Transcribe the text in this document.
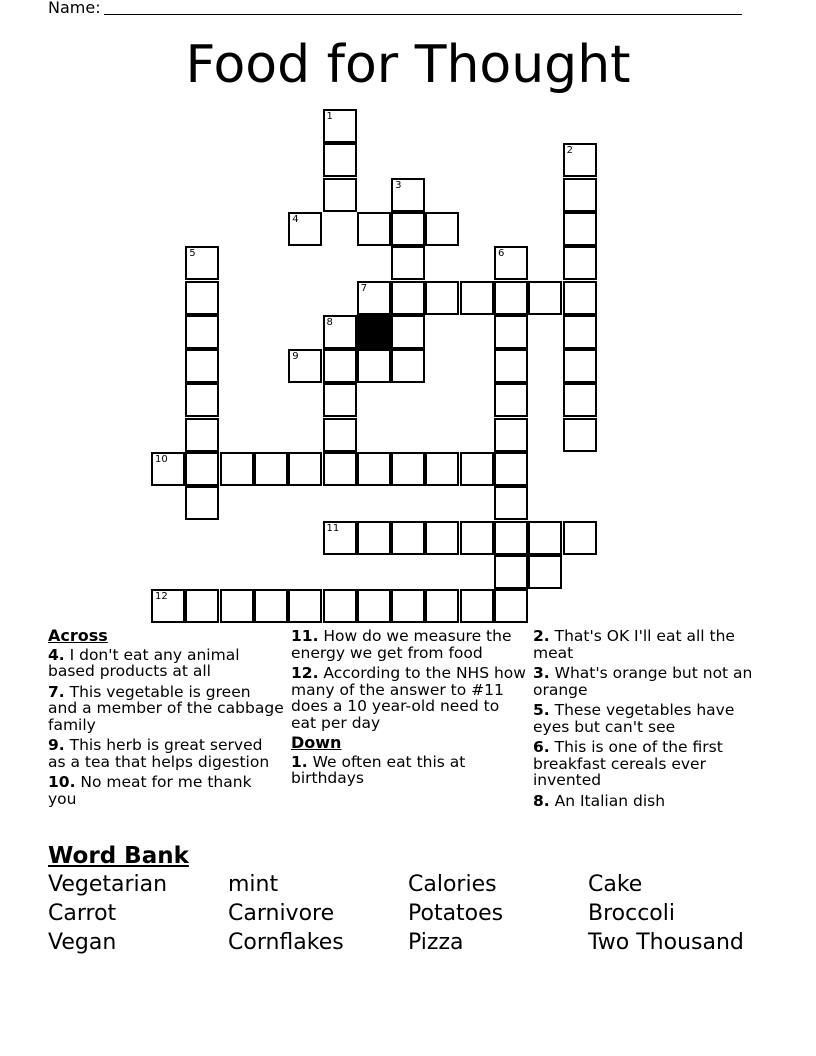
Name:
Food for Thought
1
2
3
4
5	6
7
8
9
10
11
12
Across
4. I don't eat any animal based products at all
7. This vegetable is green and a member of the cabbage family
9. This herb is great served as a tea that helps digestion
10. No meat for me thank you
11. How do we measure the energy we get from food
12. According to the NHS how many of the answer to #11 does a 10 year-old need to eat per day
Down
1. We often eat this at birthdays
2. That's OK I'll eat all the meat
3. What's orange but not an orange
5. These vegetables have eyes but can't see
6. This is one of the first breakfast cereals ever invented
8. An Italian dish
Word Bank
Vegetarian	mint	Calories	Cake
Carrot	Carnivore	Potatoes	Broccoli
Vegan	Cornflakes	Pizza	Two Thousand
